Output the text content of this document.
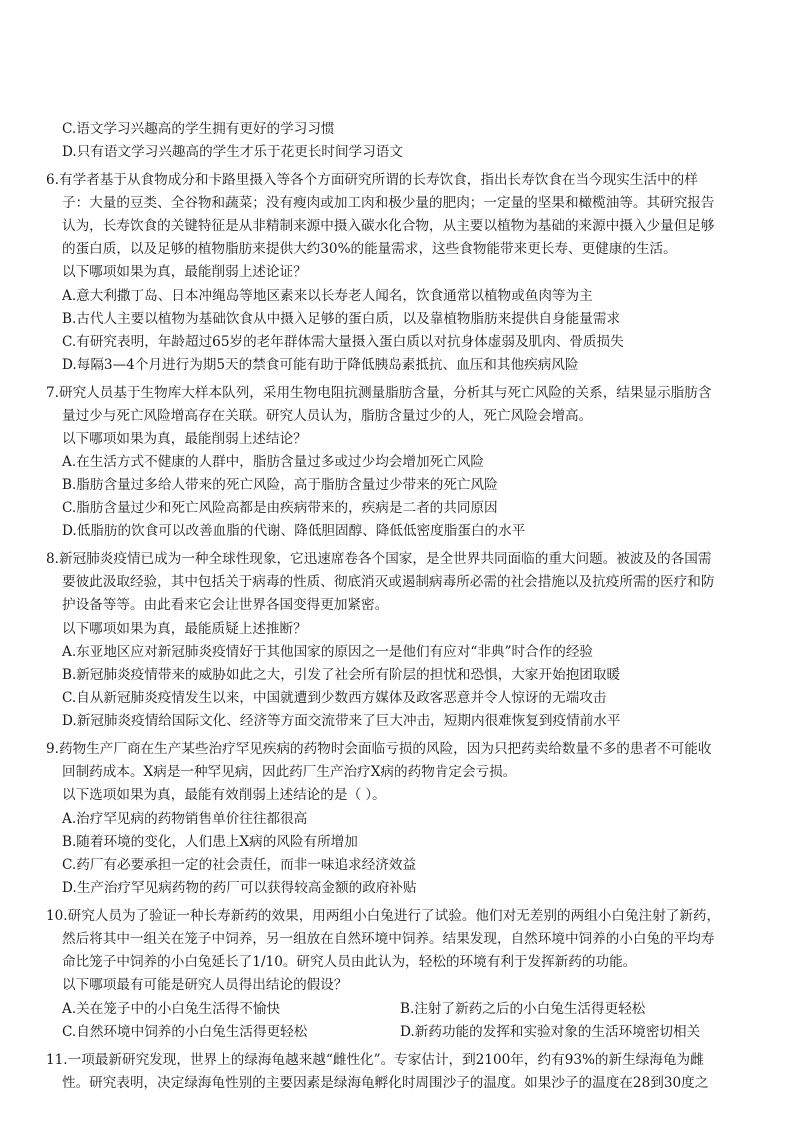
C.语文学习兴趣高的学生拥有更好的学习习惯
D.只有语文学习兴趣高的学生才乐于花更长时间学习语文
6.有学者基于从食物成分和卡路里摄入等各个方面研究所谓的长寿饮食，指出长寿饮食在当今现实生活中的样
子：大量的豆类、全谷物和蔬菜；没有瘦肉或加工肉和极少量的肥肉；一定量的坚果和橄榄油等。其研究报告
认为，长寿饮食的关键特征是从非精制来源中摄入碳水化合物，从主要以植物为基础的来源中摄入少量但足够
的蛋白质，以及足够的植物脂肪来提供大约30%的能量需求，这些食物能带来更长寿、更健康的生活。
以下哪项如果为真，最能削弱上述论证？
A.意大利撒丁岛、日本冲绳岛等地区素来以长寿老人闻名，饮食通常以植物或鱼肉等为主
B.古代人主要以植物为基础饮食从中摄入足够的蛋白质，以及靠植物脂肪来提供自身能量需求
C.有研究表明，年龄超过65岁的老年群体需大量摄入蛋白质以对抗身体虚弱及肌肉、骨质损失
D.每隔3—4个月进行为期5天的禁食可能有助于降低胰岛素抵抗、血压和其他疾病风险
7.研究人员基于生物库大样本队列，采用生物电阻抗测量脂肪含量，分析其与死亡风险的关系，结果显示脂肪含
量过少与死亡风险增高存在关联。研究人员认为，脂肪含量过少的人，死亡风险会增高。
以下哪项如果为真，最能削弱上述结论？
A.在生活方式不健康的人群中，脂肪含量过多或过少均会增加死亡风险
B.脂肪含量过多给人带来的死亡风险，高于脂肪含量过少带来的死亡风险
C.脂肪含量过少和死亡风险高都是由疾病带来的，疾病是二者的共同原因
D.低脂肪的饮食可以改善血脂的代谢、降低胆固醇、降低低密度脂蛋白的水平
8.新冠肺炎疫情已成为一种全球性现象，它迅速席卷各个国家，是全世界共同面临的重大问题。被波及的各国需
要彼此汲取经验，其中包括关于病毒的性质、彻底消灭或遏制病毒所必需的社会措施以及抗疫所需的医疗和防
护设备等等。由此看来它会让世界各国变得更加紧密。
以下哪项如果为真，最能质疑上述推断？
A.东亚地区应对新冠肺炎疫情好于其他国家的原因之一是他们有应对“非典”时合作的经验
B.新冠肺炎疫情带来的威胁如此之大，引发了社会所有阶层的担忧和恐惧，大家开始抱团取暖
C.自从新冠肺炎疫情发生以来，中国就遭到少数西方媒体及政客恶意并令人惊讶的无端攻击
D.新冠肺炎疫情给国际文化、经济等方面交流带来了巨大冲击，短期内很难恢复到疫情前水平
9.药物生产厂商在生产某些治疗罕见疾病的药物时会面临亏损的风险，因为只把药卖给数量不多的患者不可能收
回制药成本。X病是一种罕见病，因此药厂生产治疗X病的药物肯定会亏损。
以下选项如果为真，最能有效削弱上述结论的是（ ）。
A.治疗罕见病的药物销售单价往往都很高
B.随着环境的变化，人们患上X病的风险有所增加
C.药厂有必要承担一定的社会责任，而非一味追求经济效益
D.生产治疗罕见病药物的药厂可以获得较高金额的政府补贴
10.研究人员为了验证一种长寿新药的效果，用两组小白兔进行了试验。他们对无差别的两组小白兔注射了新药，
然后将其中一组关在笼子中饲养，另一组放在自然环境中饲养。结果发现，自然环境中饲养的小白兔的平均寿
命比笼子中饲养的小白兔延长了1/10。研究人员由此认为，轻松的环境有利于发挥新药的功能。
以下哪项最有可能是研究人员得出结论的假设？
A.关在笼子中的小白兔生活得不愉快	B.注射了新药之后的小白兔生活得更轻松
C.自然环境中饲养的小白兔生活得更轻松	D.新药功能的发挥和实验对象的生活环境密切相关
11.一项最新研究发现，世界上的绿海龟越来越“雌性化”。专家估计，到2100年，约有93%的新生绿海龟为雌
性。研究表明，决定绿海龟性别的主要因素是绿海龟孵化时周围沙子的温度。如果沙子的温度在28到30度之
